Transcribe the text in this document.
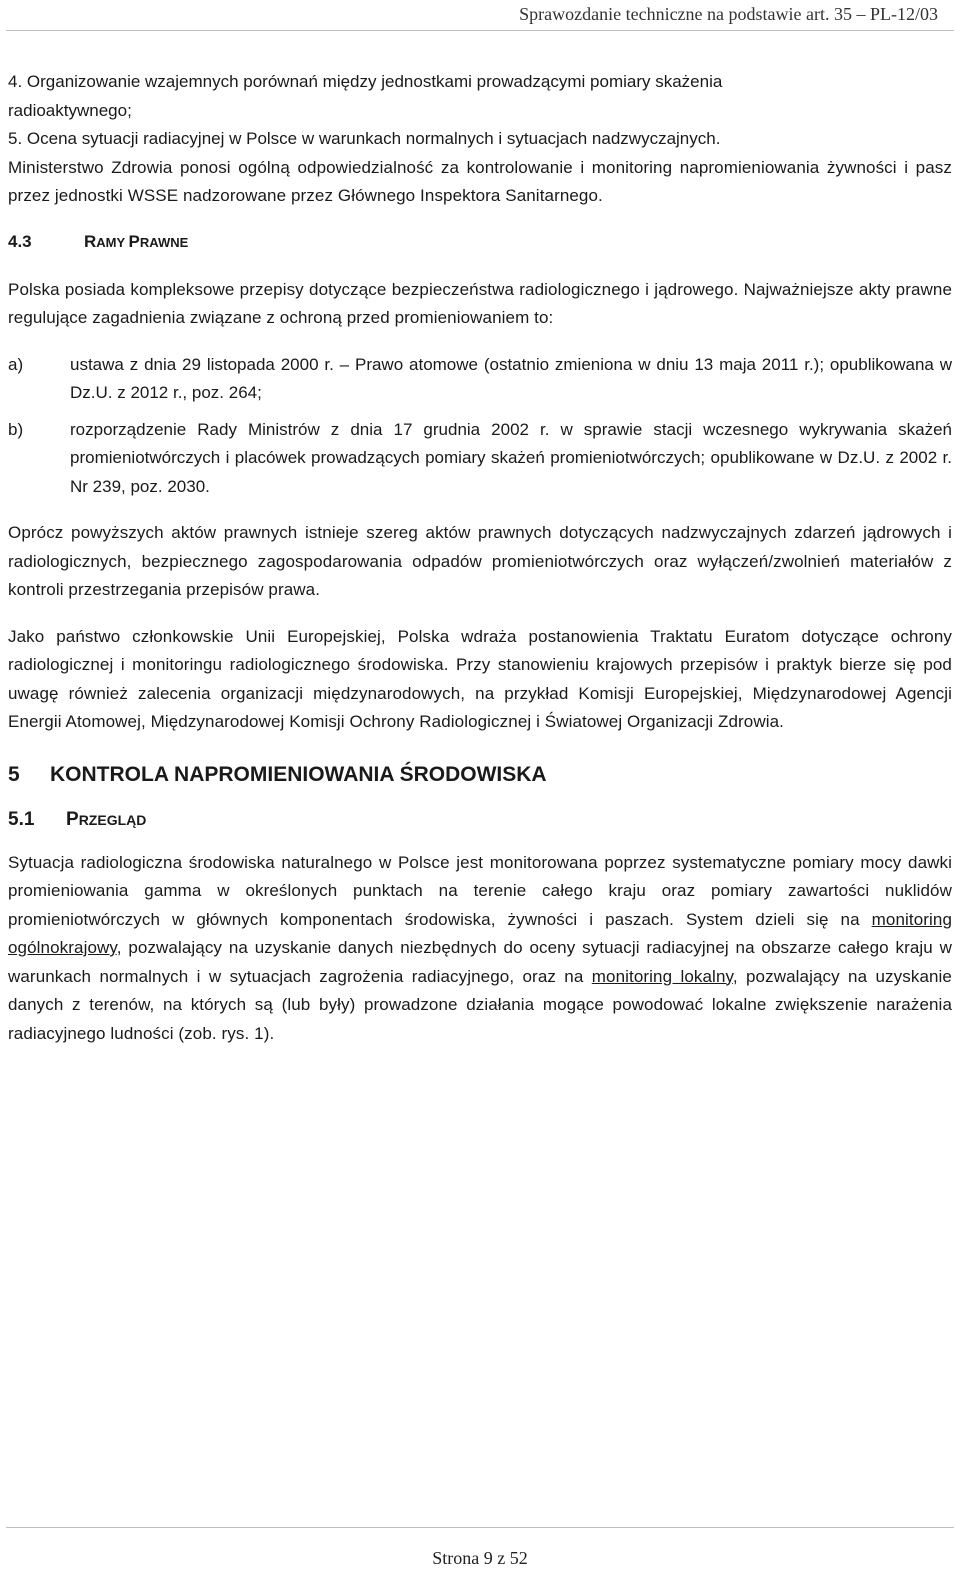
Sprawozdanie techniczne na podstawie art. 35 – PL-12/03

4. Organizowanie wzajemnych porównań między jednostkami prowadzącymi pomiary skażenia

radioaktywnego;

5. Ocena sytuacji radiacyjnej w Polsce w warunkach normalnych i sytuacjach nadzwyczajnych.

Ministerstwo Zdrowia ponosi ogólną odpowiedzialność za kontrolowanie i monitoring napromieniowania żywności i pasz przez jednostki WSSE nadzorowane przez Głównego Inspektora Sanitarnego.

4.3	RAMY PRAWNE

Polska posiada kompleksowe przepisy dotyczące bezpieczeństwa radiologicznego i jądrowego. Najważniejsze akty prawne regulujące zagadnienia związane z ochroną przed promieniowaniem to:

a)	ustawa z dnia 29 listopada 2000 r. – Prawo atomowe (ostatnio zmieniona w dniu 13 maja 2011 r.); opublikowana w Dz.U. z 2012 r., poz. 264;
b)	rozporządzenie Rady Ministrów z dnia 17 grudnia 2002 r. w sprawie stacji wczesnego wykrywania skażeń promieniotwórczych i placówek prowadzących pomiary skażeń promieniotwórczych; opublikowane w Dz.U. z 2002 r. Nr 239, poz. 2030.

Oprócz powyższych aktów prawnych istnieje szereg aktów prawnych dotyczących nadzwyczajnych zdarzeń jądrowych i radiologicznych, bezpiecznego zagospodarowania odpadów promieniotwórczych oraz wyłączeń/zwolnień materiałów z kontroli przestrzegania przepisów prawa.

Jako państwo członkowskie Unii Europejskiej, Polska wdraża postanowienia Traktatu Euratom dotyczące ochrony radiologicznej i monitoringu radiologicznego środowiska. Przy stanowieniu krajowych przepisów i praktyk bierze się pod uwagę również zalecenia organizacji międzynarodowych, na przykład Komisji Europejskiej, Międzynarodowej Agencji Energii Atomowej, Międzynarodowej Komisji Ochrony Radiologicznej i Światowej Organizacji Zdrowia.

5 KONTROLA NAPROMIENIOWANIA ŚRODOWISKA
5.1 PRZEGLĄD

Sytuacja radiologiczna środowiska naturalnego w Polsce jest monitorowana poprzez systematyczne pomiary mocy dawki promieniowania gamma w określonych punktach na terenie całego kraju oraz pomiary zawartości nuklidów promieniotwórczych w głównych komponentach środowiska, żywności i paszach. System dzieli się na monitoring ogólnokrajowy, pozwalający na uzyskanie danych niezbędnych do oceny sytuacji radiacyjnej na obszarze całego kraju w warunkach normalnych i w sytuacjach zagrożenia radiacyjnego, oraz na monitoring lokalny, pozwalający na uzyskanie danych z terenów, na których są (lub były) prowadzone działania mogące powodować lokalne zwiększenie narażenia radiacyjnego ludności (zob. rys. 1).

Strona 9 z 52
